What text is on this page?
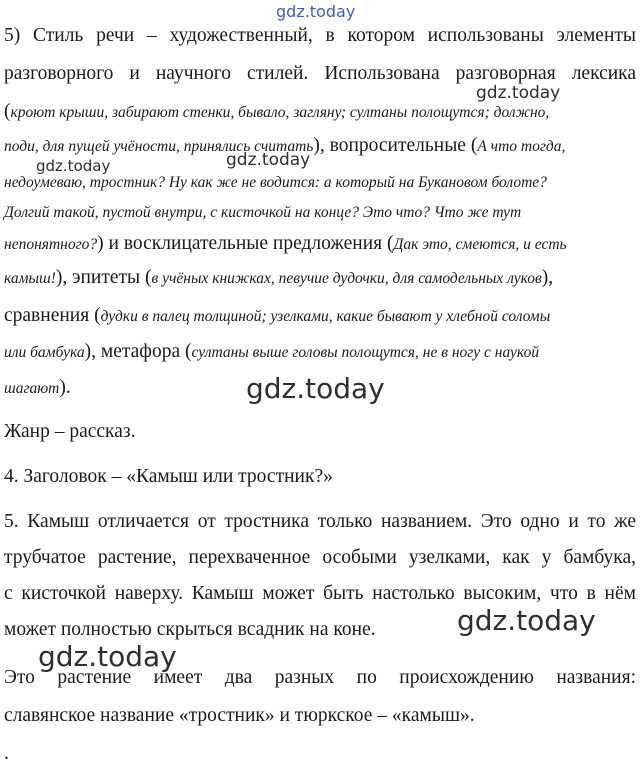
gdz.today
5) Стиль речи – художественный, в котором использованы элементы
разговорного и научного стилей. Использована разговорная лексика
gdz.today
(кроют крыши, забирают стенки, бывало, загляну; султаны полощутся; должно,
поди, для пущей учёности, принялись считать), вопросительные (А что тогда,
gdz.today
gdz.today
недоумеваю, тростник? Ну как же не водится: а который на Букановом болоте?
Долгий такой, пустой внутри, с кисточкой на конце? Это что? Что же тут
непонятного?) и восклицательные предложения (Дак это, смеются, и есть
камыш!), эпитеты (в учёных книжках, певучие дудочки, для самодельных луков),
сравнения (дудки в палец толщиной; узелками, какие бывают у хлебной соломы
или бамбука), метафора (султаны выше головы полощутся, не в ногу с наукой
шагают).	gdz.today
Жанр – рассказ.
4. Заголовок – «Камыш или тростник?»
5. Камыш отличается от тростника только названием. Это одно и то же
трубчатое растение, перехваченное особыми узелками, как у бамбука,
с кисточкой наверху. Камыш может быть настолько высоким, что в нём
gdz.today
может полностью скрыться всадник на коне.
gdz.today
Это растение имеет два разных по происхождению названия:
славянское название «тростник» и тюркское – «камыш».
.
